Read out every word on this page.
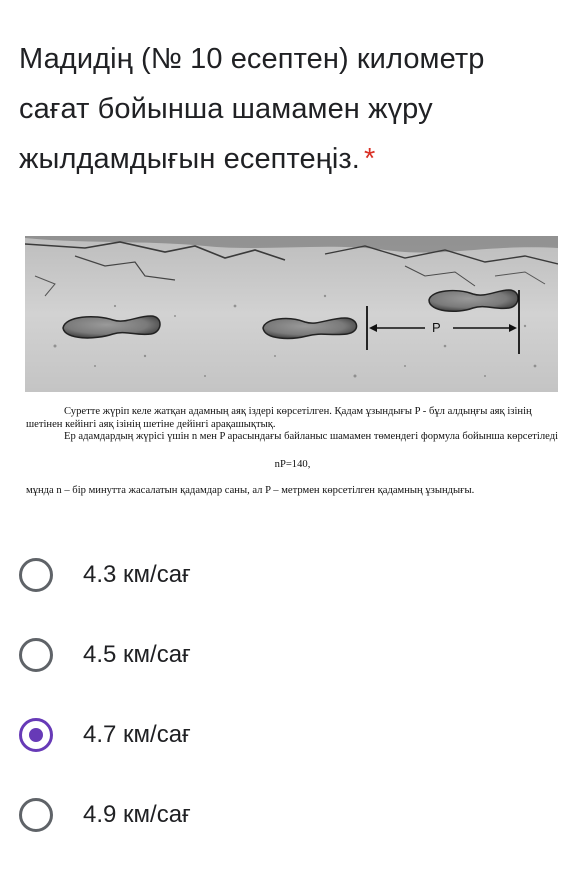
Мадидің (№ 10 есептен) километр сағат бойынша шамамен жүру жылдамдығын есептеңіз. *
P

Суретте жүріп келе жатқан адамның аяқ іздері көрсетілген. Қадам ұзындығы P - бұл алдыңғы аяқ ізінің шетінен кейінгі аяқ ізінің шетіне дейінгі арақашықтық.

Ер адамдардың жүрісі үшін n мен P арасындағы байланыс шамамен төмендегі формула бойынша көрсетіледі

nP=140,

мұнда n – бір минутта жасалатын қадамдар саны, ал P – метрмен көрсетілген қадамның ұзындығы.

4.3 км/сағ
4.5 км/сағ
4.7 км/сағ
4.9 км/сағ
